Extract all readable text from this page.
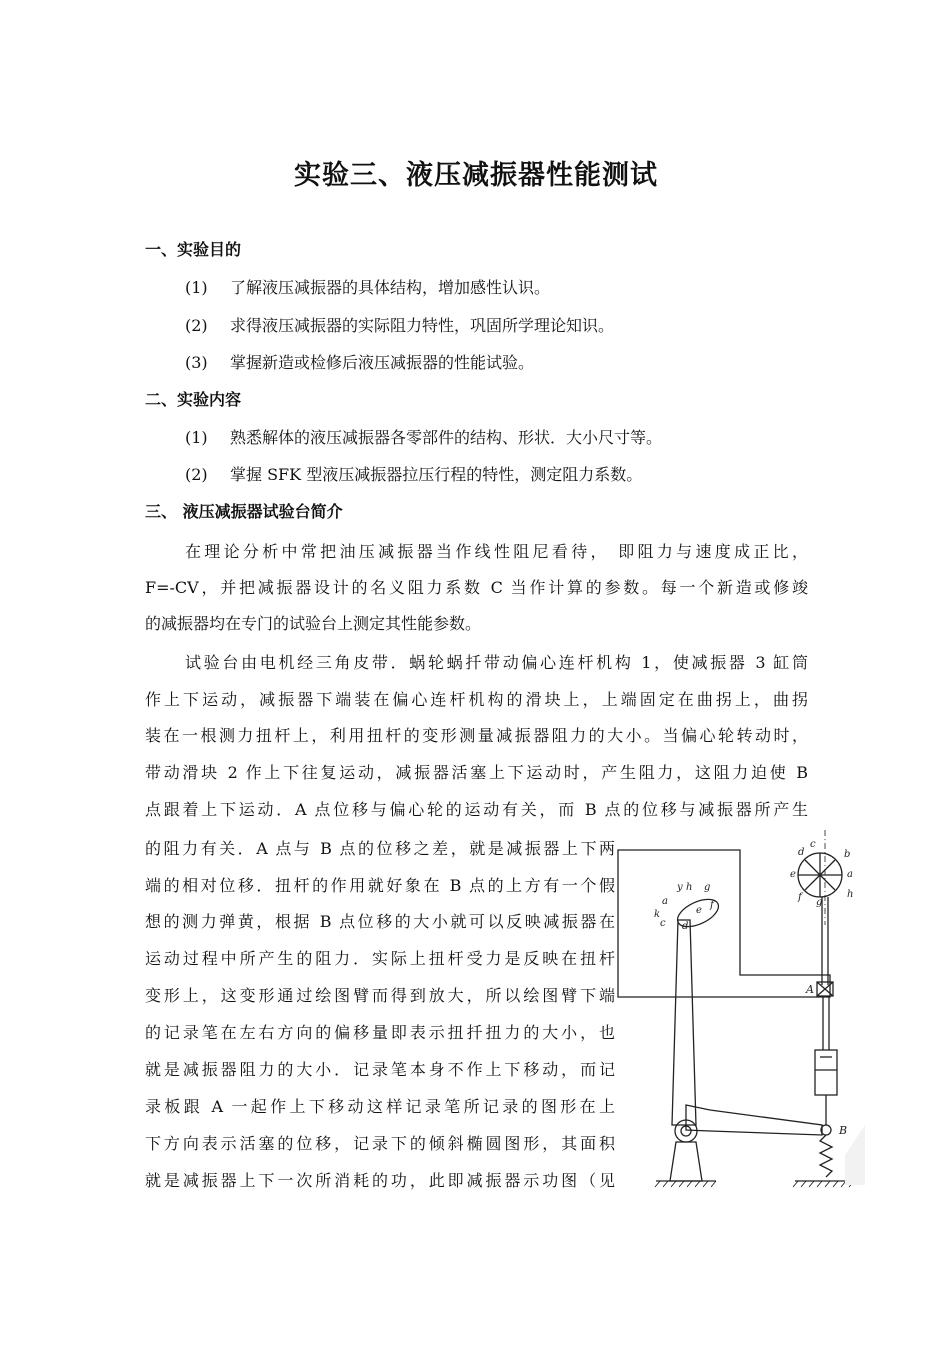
实验三、液压减振器性能测试
一、实验目的
(1) 了解液压减振器的具体结构，增加感性认识。
(2) 求得液压减振器的实际阻力特性，巩固所学理论知识。
(3) 掌握新造或检修后液压减振器的性能试验。
二、实验内容
(1) 熟悉解体的液压减振器各零部件的结构、形状．大小尺寸等。
(2) 掌握 SFK 型液压减振器拉压行程的特性，测定阻力系数。
三、 液压减振器试验台简介
在理论分析中常把油压减振器当作线性阻尼看待， 即阻力与速度成正比，
F=-CV，并把减振器设计的名义阻力系数 C 当作计算的参数。每一个新造或修竣
的减振器均在专门的试验台上测定其性能参数。
试验台由电机经三角皮带．蜗轮蜗扦带动偏心连杆机构 1，使减振器 3 缸筒
作上下运动，减振器下端装在偏心连杆机构的滑块上，上端固定在曲拐上，曲拐
装在一根测力扭杆上，利用扭杆的变形测量减振器阻力的大小。当偏心轮转动时，
带动滑块 2 作上下往复运动，减振器活塞上下运动时，产生阻力，这阻力迫使 B
点跟着上下运动．A 点位移与偏心轮的运动有关，而 B 点的位移与减振器所产生
的阻力有关．A 点与 B 点的位移之差，就是减振器上下两
端的相对位移．扭杆的作用就好象在 B 点的上方有一个假
想的测力弹黄，根据 B 点位移的大小就可以反映减振器在
运动过程中所产生的阻力．实际上扭杆受力是反映在扭杆
变形上，这变形通过绘图臂而得到放大，所以绘图臂下端
的记录笔在左右方向的偏移量即表示扭扦扭力的大小，也
就是减振器阻力的大小．记录笔本身不作上下移动，而记
录板跟 A 一起作上下移动这样记录笔所记录的图形在上
下方向表示活塞的位移，记录下的倾斜椭圆图形，其面积
就是减振器上下一次所消耗的功，此即减振器示功图（见
c
d	b
e	a
f g
h
y h g
a	f
k	e
c d
A
B
